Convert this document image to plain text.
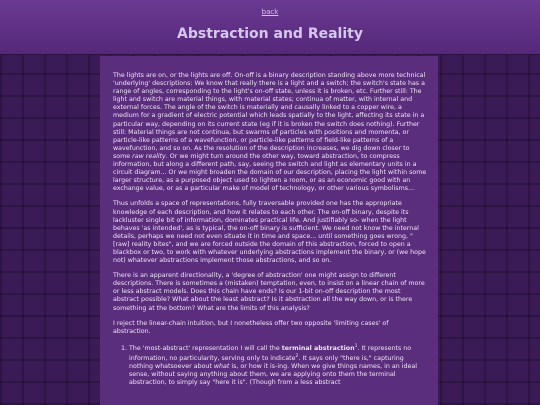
back
Abstraction and Reality

The lights are on, or the lights are off. On-off is a binary description standing above more technical 'underlying' descriptions: We know that really there is a light and a switch; the switch's state has a range of angles, corresponding to the light's on-off state, unless it is broken, etc. Further still: The light and switch are material things, with material states; continua of matter, with internal and external forces. The angle of the switch is materially and causally linked to a copper wire, a medium for a gradient of electric potential which leads spatially to the light, affecting its state in a particular way, depending on its current state (eg if it is broken the switch does nothing). Further still: Material things are not continua, but swarms of particles with positions and momenta, or particle-like patterns of a wavefunction, or particle-like patterns of field-like patterns of a wavefunction, and so on. As the resolution of the description increases, we dig down closer to some raw reality. Or we might turn around the other way, toward abstraction, to compress information, but along a different path, say, seeing the switch and light as elementary units in a circuit diagram... Or we might broaden the domain of our description, placing the light within some larger structure, as a purposed object used to lighten a room, or as an economic good with an exchange value, or as a particular make of model of technology, or other various symbolisms...

Thus unfolds a space of representations, fully traversable provided one has the appropriate knowledge of each description, and how it relates to each other. The on-off binary, despite its lackluster single bit of information, dominates practical life. And justifiably so- when the light behaves 'as intended', as is typical, the on-off binary is sufficient. We need not know the internal details, perhaps we need not even situate it in time and space... until something goes wrong, "[raw] reality bites", and we are forced outside the domain of this abstraction, forced to open a blackbox or two, to work with whatever underlying abstractions implement the binary, or (we hope not) whatever abstractions implement those abstractions, and so on.

There is an apparent directionality, a 'degree of abstraction' one might assign to different descriptions. There is sometimes a (mistaken) temptation, even, to insist on a linear chain of more or less abstract models. Does this chain have ends? Is our 1-bit on-off description the most abstract possible? What about the least abstract? Is it abstraction all the way down, or is there something at the bottom? What are the limits of this analysis?

I reject the linear-chain intuition, but I nonetheless offer two opposite 'limiting cases' of abstraction.

1. The 'most-abstract' representation I will call the terminal abstraction$^1$. It represents no information, no particularity, serving only to indicate$^2$. It says only "there is," capturing nothing whatsoever about what is, or how it is-ing. When we give things names, in an ideal sense, without saying anything about them, we are applying onto them the terminal abstraction, to simply say "here it is". (Though from a less abstract
